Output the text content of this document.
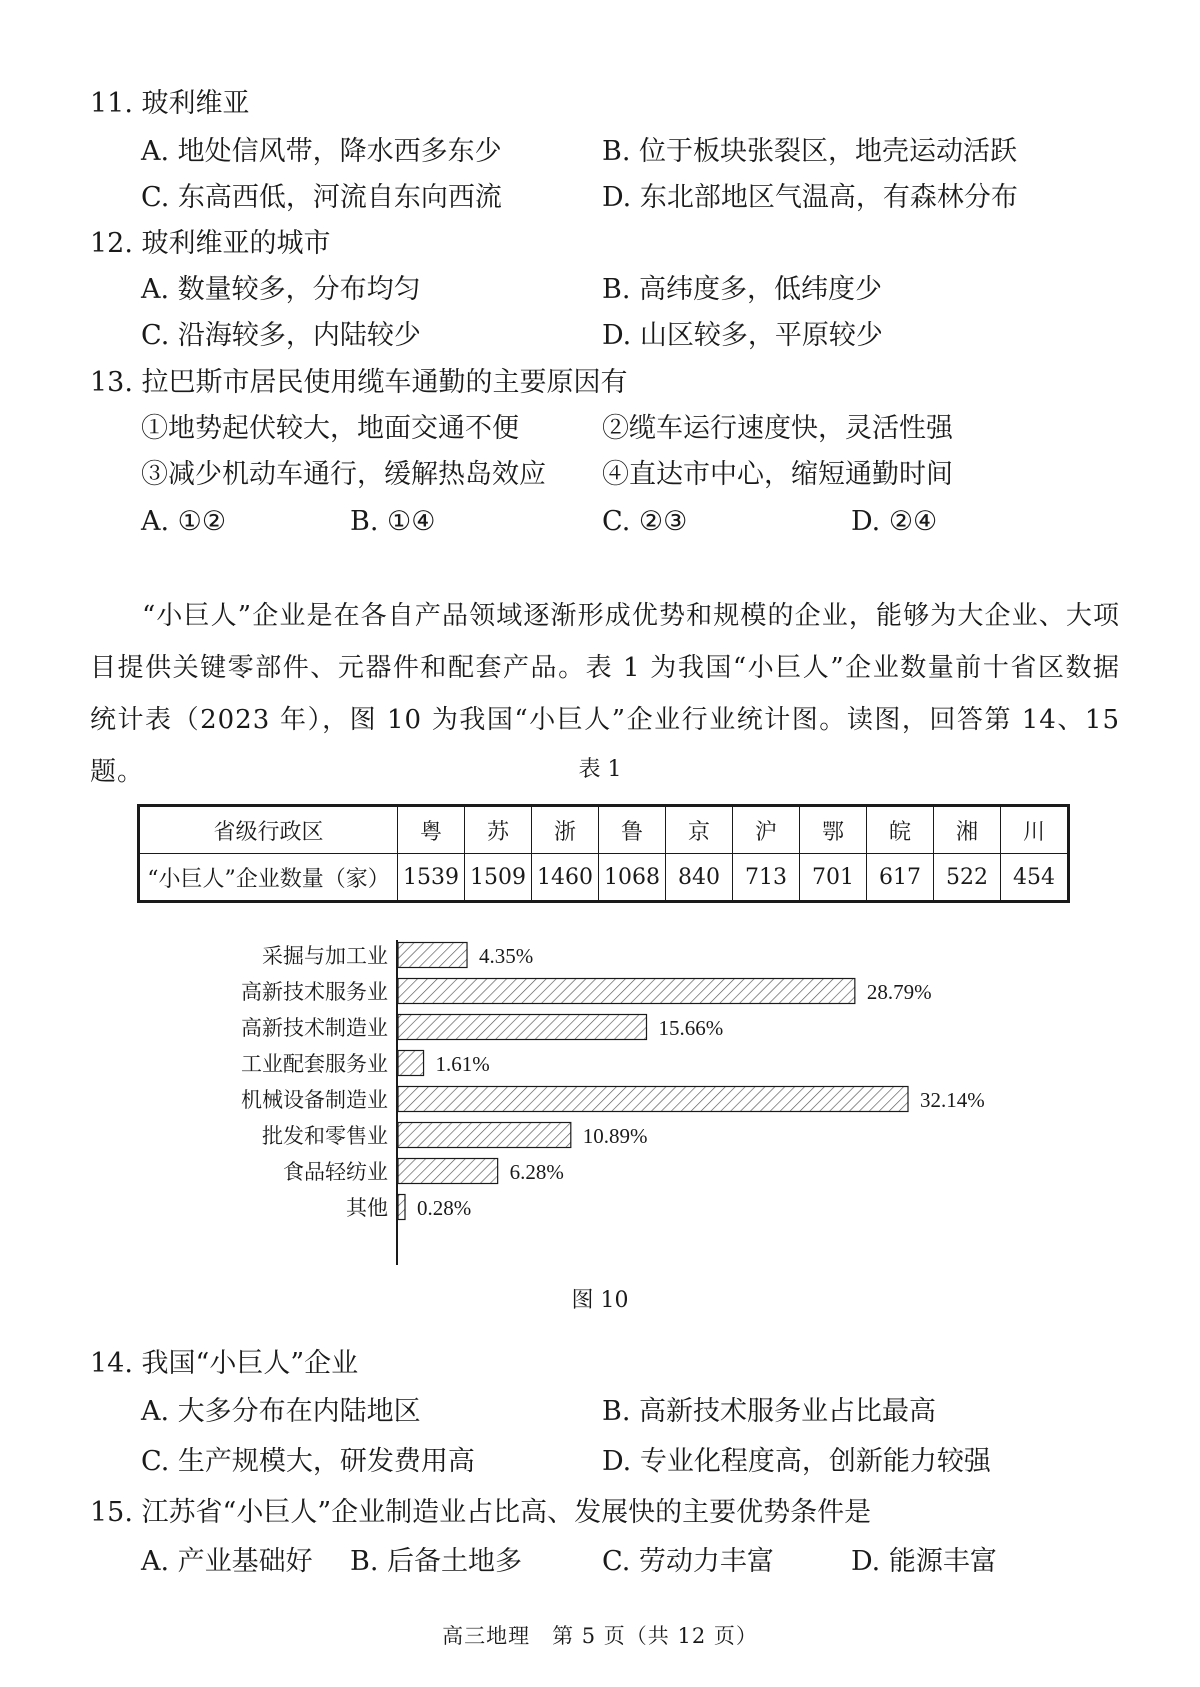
11. 玻利维亚
A. 地处信风带，降水西多东少	B. 位于板块张裂区，地壳运动活跃
C. 东高西低，河流自东向西流	D. 东北部地区气温高，有森林分布
12. 玻利维亚的城市
A. 数量较多，分布均匀	B. 高纬度多，低纬度少
C. 沿海较多，内陆较少	D. 山区较多，平原较少
13. 拉巴斯市居民使用缆车通勤的主要原因有
①地势起伏较大，地面交通不便	②缆车运行速度快，灵活性强
③减少机动车通行，缓解热岛效应 ④直达市中心，缩短通勤时间
A. ①②	B. ①④	C. ②③	D. ②④
“小巨人”企业是在各自产品领域逐渐形成优势和规模的企业，能够为大企业、大项目提供关键零部件、元器件和配套产品。表 1 为我国“小巨人”企业数量前十省区数据统计表（2023 年），图 10 为我国“小巨人”企业行业统计图。读图，回答第 14、15 题。	表 1
省级行政区	粤	苏	浙	鲁	京	沪	鄂	皖	湘	川
“小巨人”企业数量（家）	1539	1509	1460	1068	840	713	701	617	522	454
采掘与加工业	4.35%
高新技术服务业	28.79%
高新技术制造业	15.66%
工业配套服务业 1.61%
机械设备制造业	32.14%
批发和零售业	10.89%
食品轻纺业	6.28%
其他 0.28%
图 10
14. 我国“小巨人”企业
A. 大多分布在内陆地区	B. 高新技术服务业占比最高
C. 生产规模大，研发费用高	D. 专业化程度高，创新能力较强
15. 江苏省“小巨人”企业制造业占比高、发展快的主要优势条件是
A. 产业基础好 B. 后备土地多	C. 劳动力丰富	D. 能源丰富
高三地理　第 5 页（共 12 页）
